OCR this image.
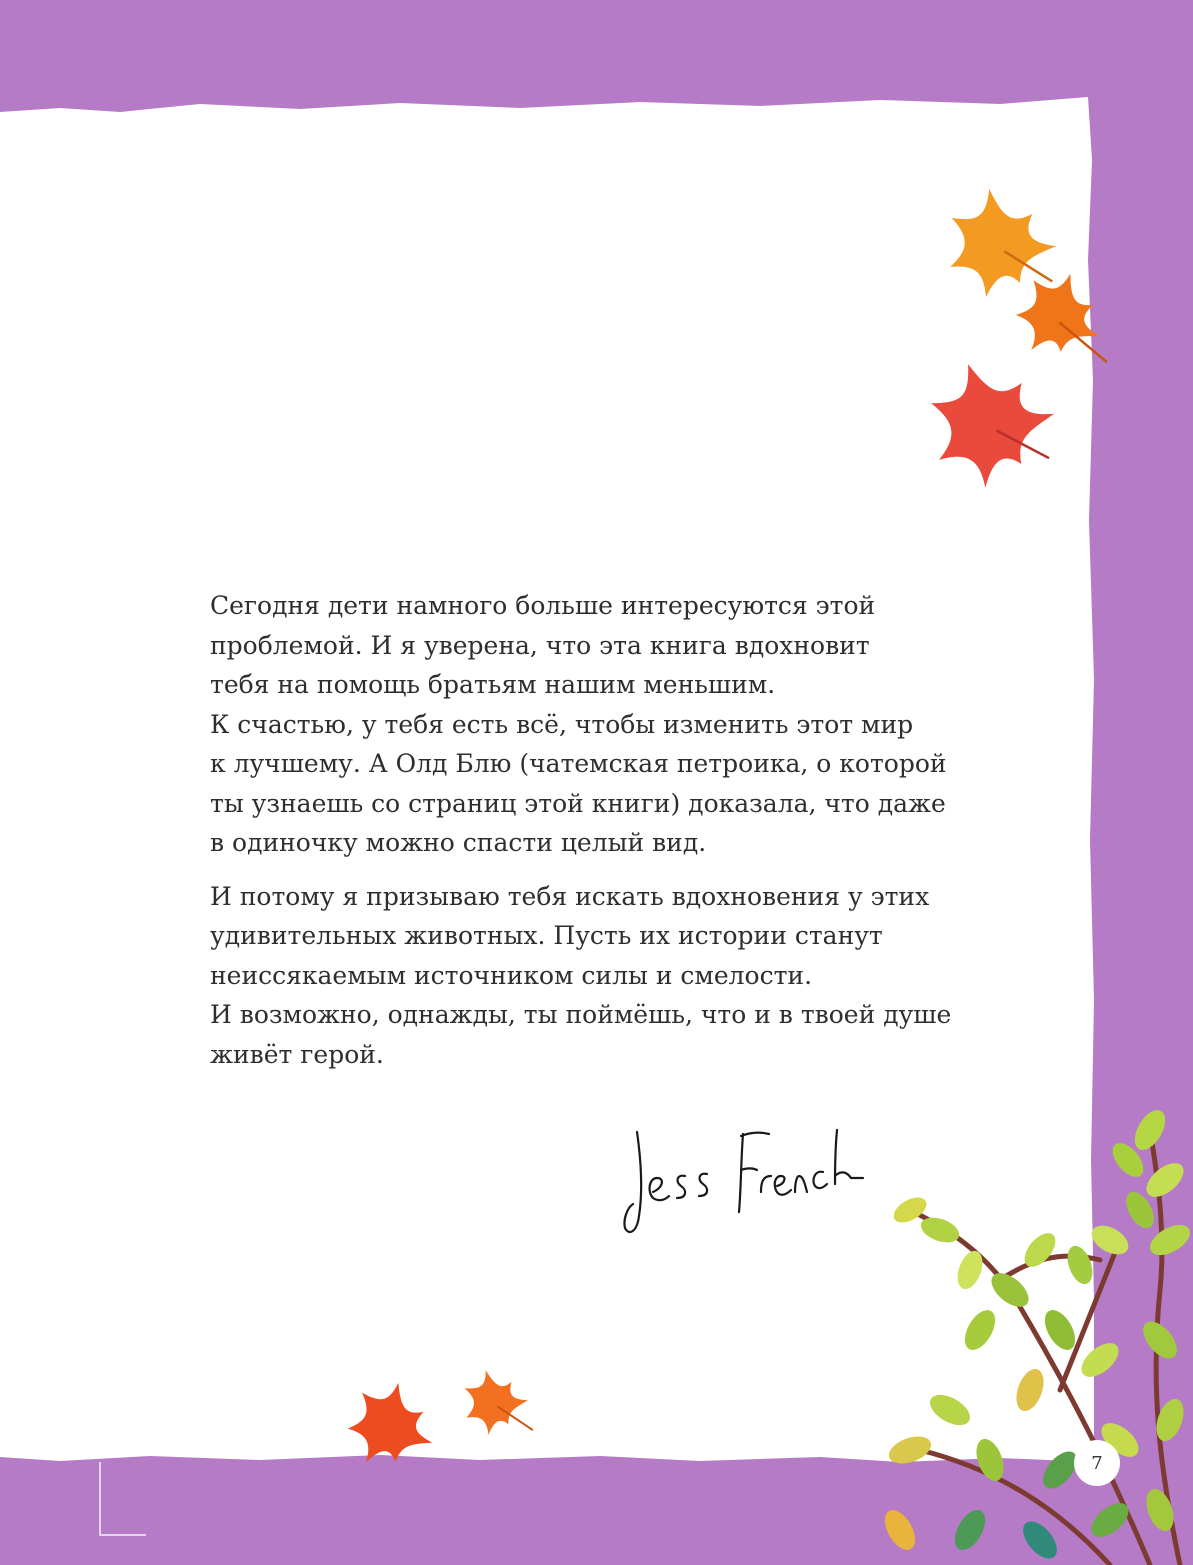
Сегодня дети намного больше интересуются этой
проблемой. И я уверена, что эта книга вдохновит
тебя на помощь братьям нашим меньшим.
К счастью, у тебя есть всё, чтобы изменить этот мир
к лучшему. А Олд Блю (чатемская петроика, о которой
ты узнаешь со страниц этой книги) доказала, что даже
в одиночку можно спасти целый вид.

И потому я призываю тебя искать вдохновения у этих
удивительных животных. Пусть их истории станут
неиссякаемым источником силы и смелости.
И возможно, однажды, ты поймёшь, что и в твоей душе
живёт герой.

7
